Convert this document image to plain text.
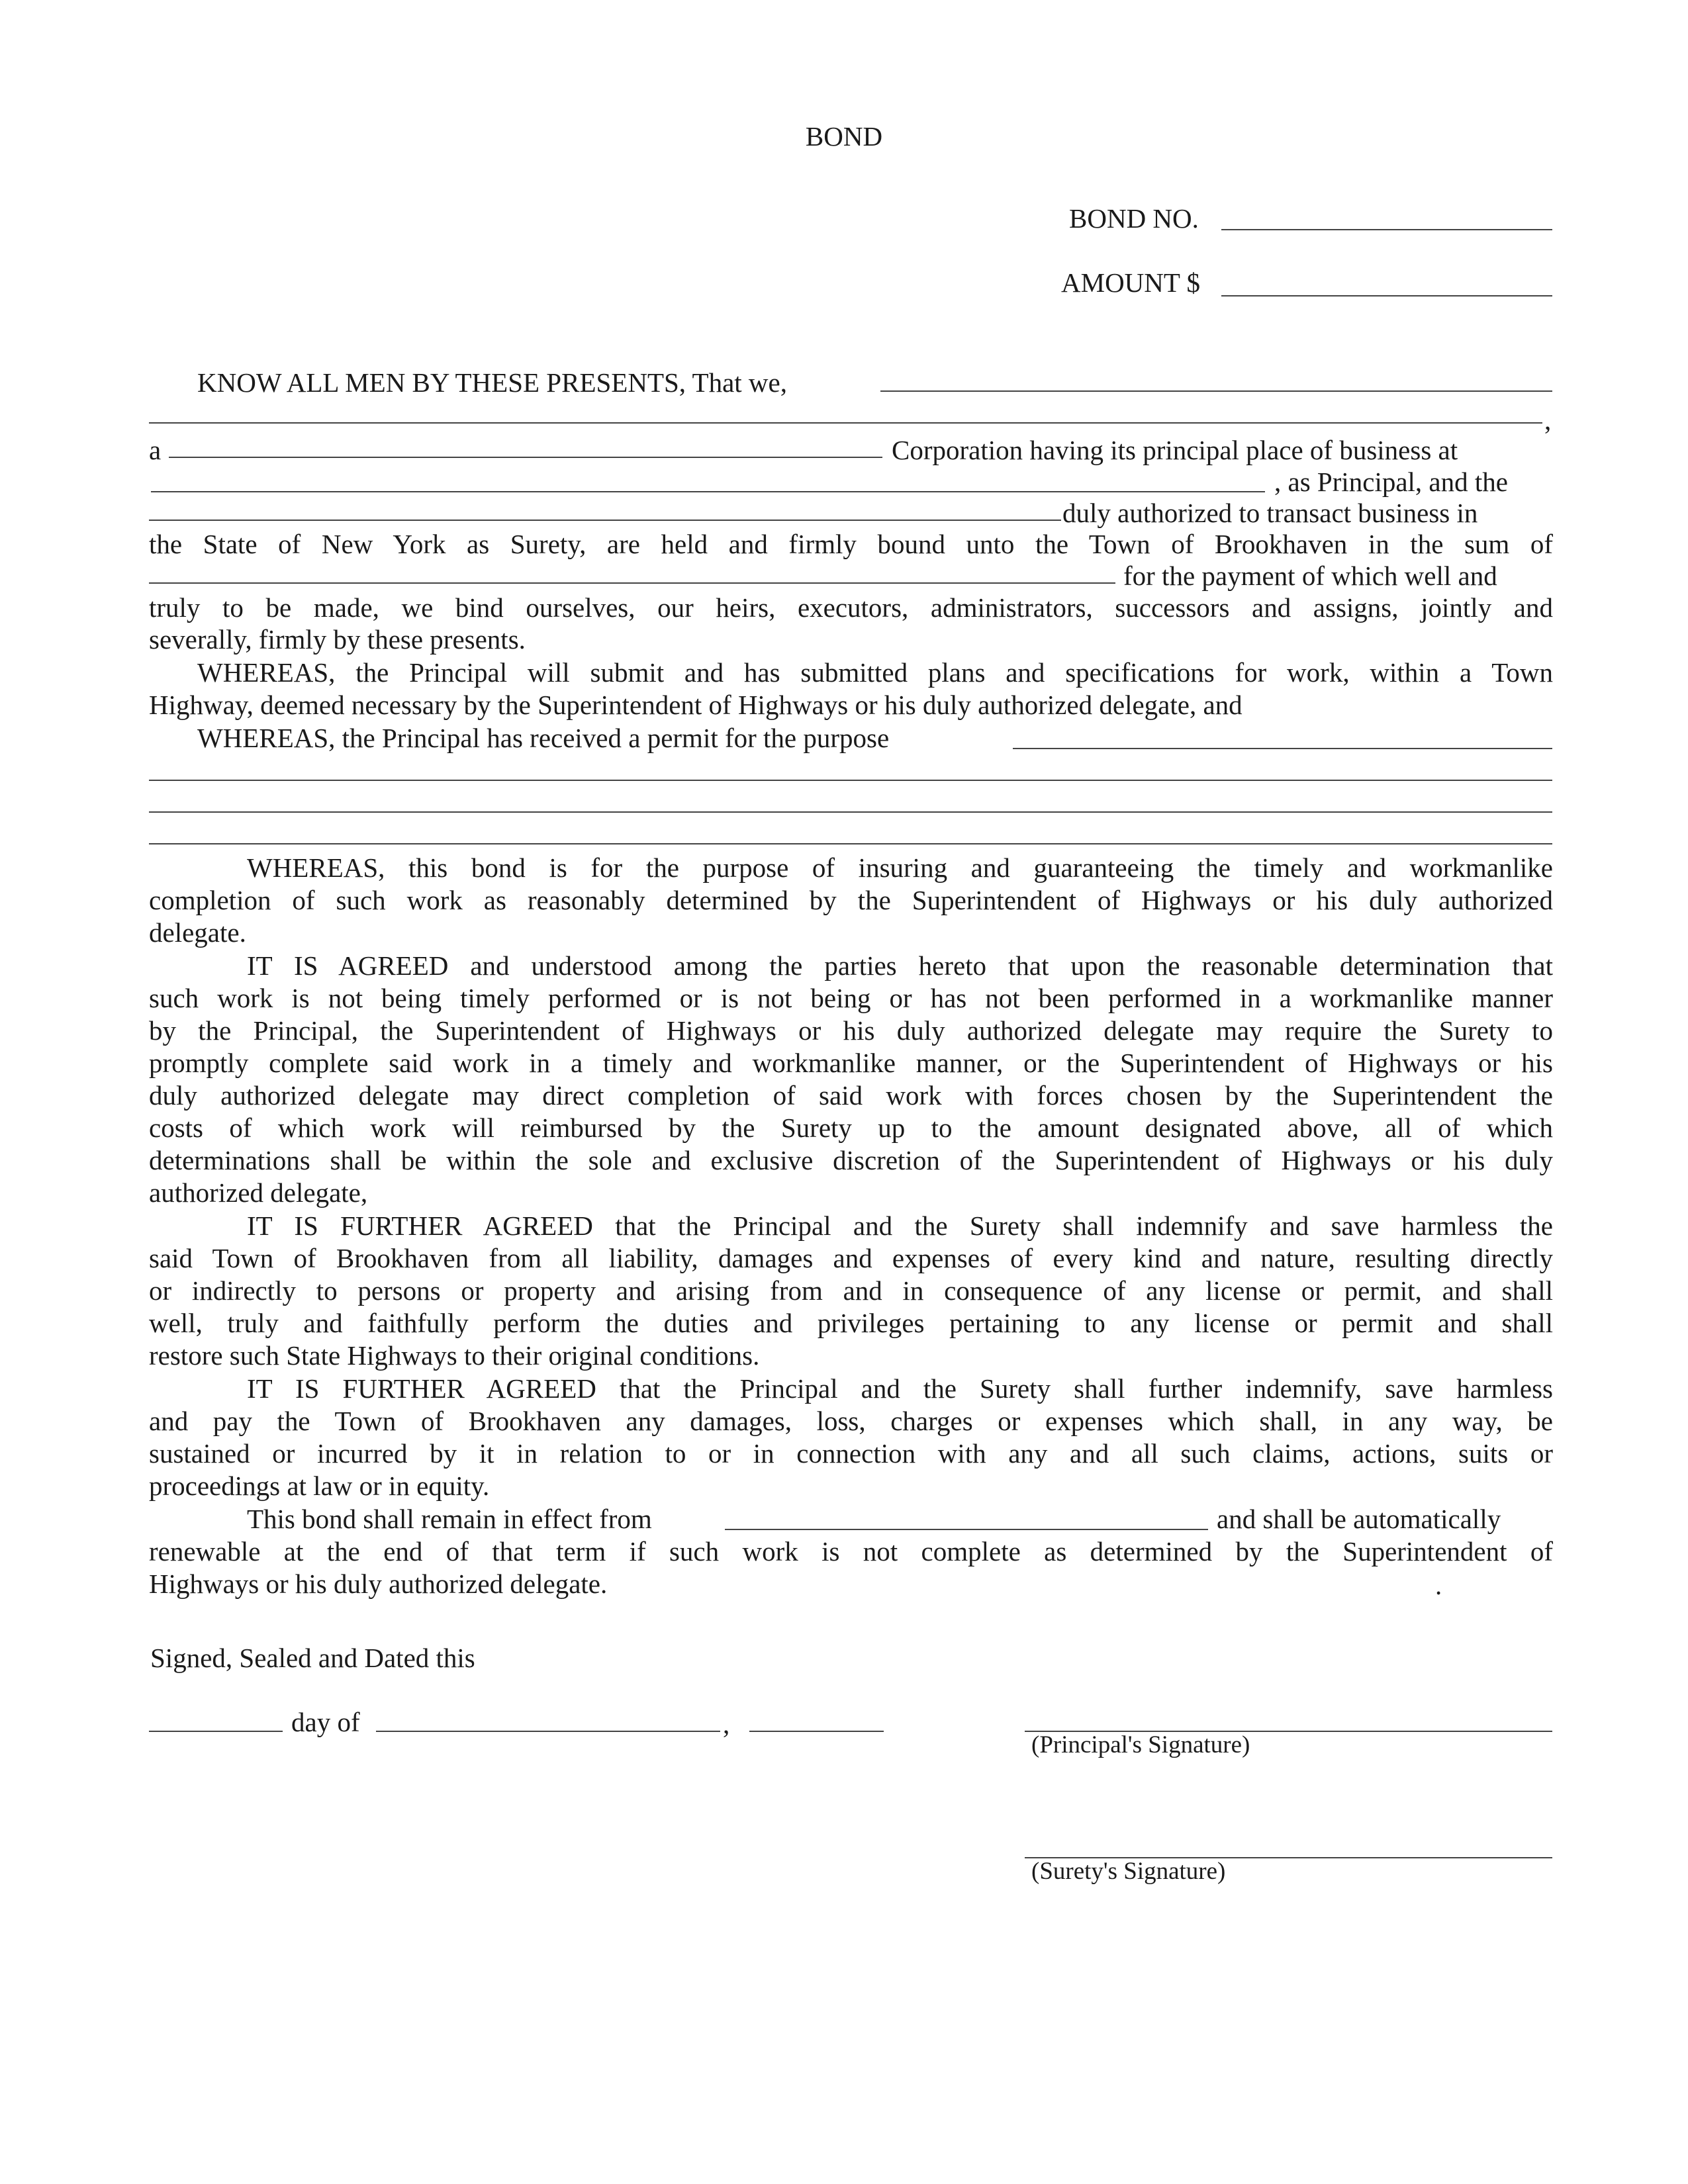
BOND
BOND NO.
AMOUNT $
KNOW ALL MEN BY THESE PRESENTS, That we,
,
a	Corporation having its principal place of business at
, as Principal, and the
duly authorized to transact business in
the State of New York as Surety, are held and firmly bound unto the Town of Brookhaven in the sum of
for the payment of which well and
truly to be made, we bind ourselves, our heirs, executors, administrators, successors and assigns, jointly and
severally, firmly by these presents.
WHEREAS, the Principal will submit and has submitted plans and specifications for work, within a Town
Highway, deemed necessary by the Superintendent of Highways or his duly authorized delegate, and
WHEREAS, the Principal has received a permit for the purpose
WHEREAS, this bond is for the purpose of insuring and guaranteeing the timely and workmanlike
completion of such work as reasonably determined by the Superintendent of Highways or his duly authorized
delegate.
IT IS AGREED and understood among the parties hereto that upon the reasonable determination that
such work is not being timely performed or is not being or has not been performed in a workmanlike manner
by the Principal, the Superintendent of Highways or his duly authorized delegate may require the Surety to
promptly complete said work in a timely and workmanlike manner, or the Superintendent of Highways or his
duly authorized delegate may direct completion of said work with forces chosen by the Superintendent the
costs of which work will reimbursed by the Surety up to the amount designated above, all of which
determinations shall be within the sole and exclusive discretion of the Superintendent of Highways or his duly
authorized delegate,
IT IS FURTHER AGREED that the Principal and the Surety shall indemnify and save harmless the
said Town of Brookhaven from all liability, damages and expenses of every kind and nature, resulting directly
or indirectly to persons or property and arising from and in consequence of any license or permit, and shall
well, truly and faithfully perform the duties and privileges pertaining to any license or permit and shall
restore such State Highways to their original conditions.
IT IS FURTHER AGREED that the Principal and the Surety shall further indemnify, save harmless
and pay the Town of Brookhaven any damages, loss, charges or expenses which shall, in any way, be
sustained or incurred by it in relation to or in connection with any and all such claims, actions, suits or
proceedings at law or in equity.
This bond shall remain in effect from	and shall be automatically
renewable at the end of that term if such work is not complete as determined by the Superintendent of
Highways or his duly authorized delegate.	.
Signed, Sealed and Dated this
day of	,
(Principal's Signature)
(Surety's Signature)
